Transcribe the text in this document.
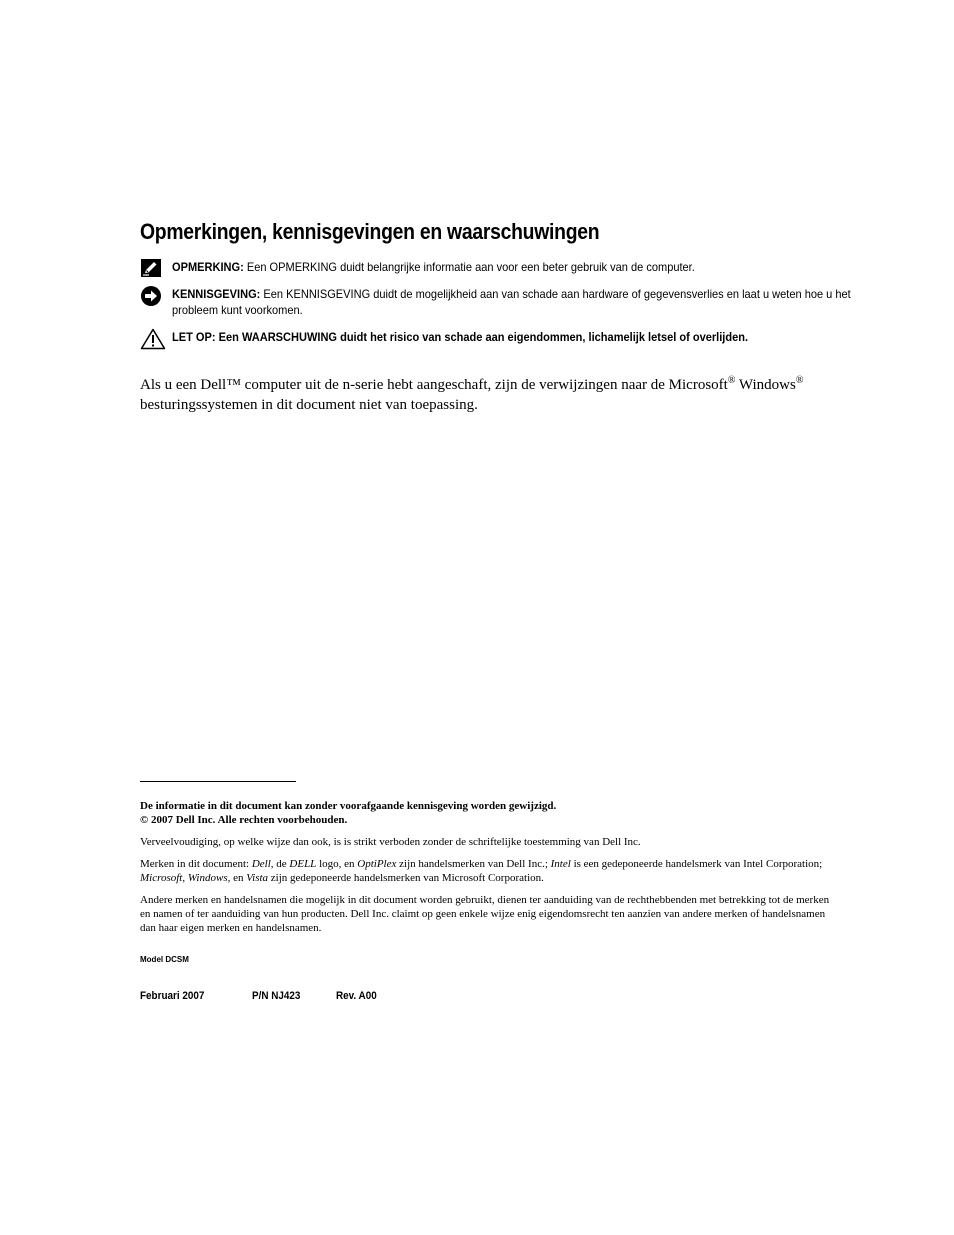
Opmerkingen, kennisgevingen en waarschuwingen
OPMERKING: Een OPMERKING duidt belangrijke informatie aan voor een beter gebruik van de computer.
KENNISGEVING: Een KENNISGEVING duidt de mogelijkheid aan van schade aan hardware of gegevensverlies en laat u weten hoe u het probleem kunt voorkomen.
LET OP: Een WAARSCHUWING duidt het risico van schade aan eigendommen, lichamelijk letsel of overlijden.

Als u een Dell™ computer uit de n-serie hebt aangeschaft, zijn de verwijzingen naar de Microsoft® Windows®
besturingssystemen in dit document niet van toepassing.

De informatie in dit document kan zonder voorafgaande kennisgeving worden gewijzigd.
© 2007 Dell Inc. Alle rechten voorbehouden.

Verveelvoudiging, op welke wijze dan ook, is is strikt verboden zonder de schriftelijke toestemming van Dell Inc.

Merken in dit document: Dell, de DELL logo, en OptiPlex zijn handelsmerken van Dell Inc.; Intel is een gedeponeerde handelsmerk van Intel Corporation; Microsoft, Windows, en Vista zijn gedeponeerde handelsmerken van Microsoft Corporation.

Andere merken en handelsnamen die mogelijk in dit document worden gebruikt, dienen ter aanduiding van de rechthebbenden met betrekking tot de merken en namen of ter aanduiding van hun producten. Dell Inc. claimt op geen enkele wijze enig eigendomsrecht ten aanzien van andere merken of handelsnamen dan haar eigen merken en handelsnamen.

Model DCSM
Februari 2007	P/N NJ423	Rev. A00
